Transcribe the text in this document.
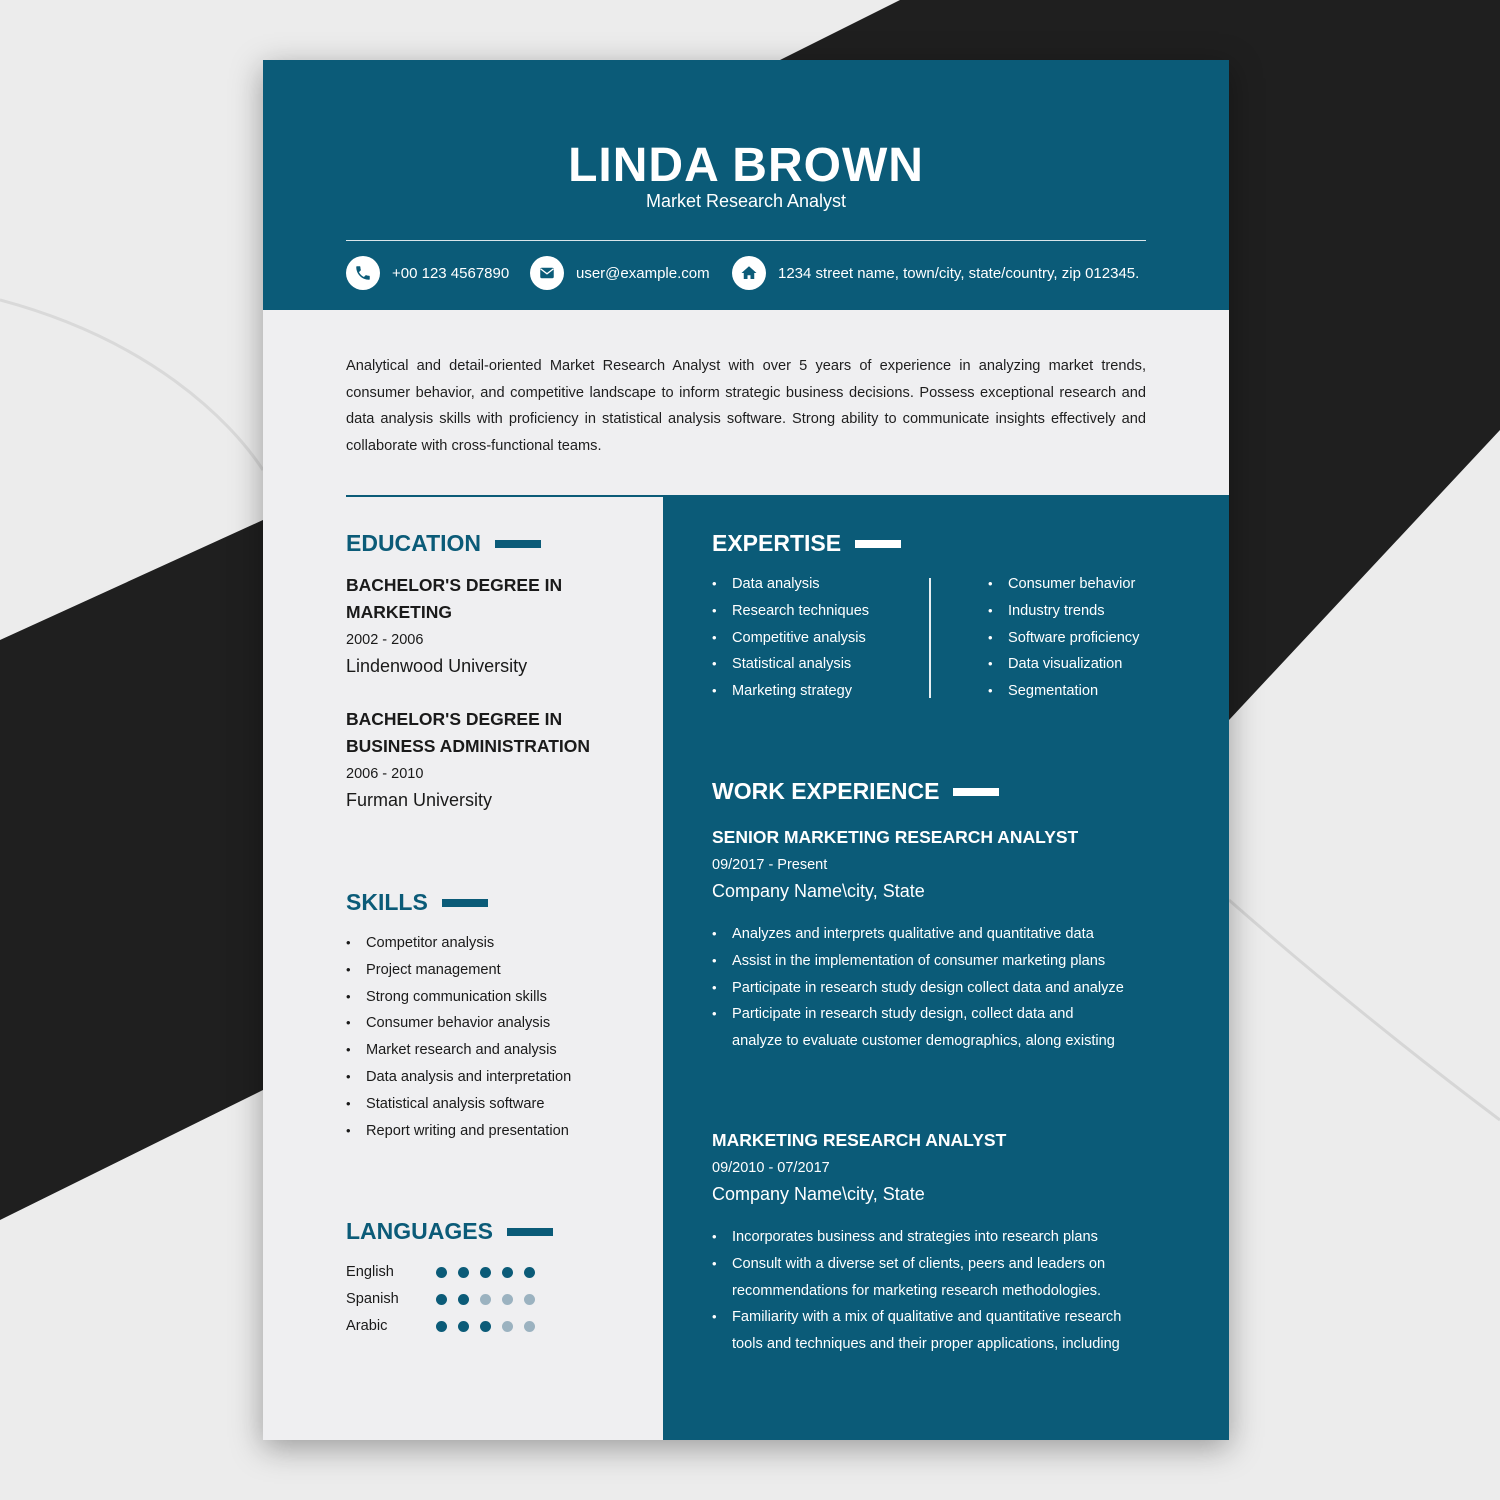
LINDA BROWN
Market Research Analyst
+00 123 4567890	user@example.com	1234 street name, town/city, state/country, zip 012345.

Analytical and detail-oriented Market Research Analyst with over 5 years of experience in analyzing market trends, consumer behavior, and competitive landscape to inform strategic business decisions. Possess exceptional research and data analysis skills with proficiency in statistical analysis software. Strong ability to communicate insights effectively and collaborate with cross-functional teams.

EDUCATION
BACHELOR'S DEGREE IN
MARKETING
2002 - 2006
Lindenwood University
BACHELOR'S DEGREE IN
BUSINESS ADMINISTRATION
2006 - 2010
Furman University
SKILLS
• Competitor analysis
• Project management
• Strong communication skills
• Consumer behavior analysis
• Market research and analysis
• Data analysis and interpretation
• Statistical analysis software
• Report writing and presentation
LANGUAGES
English
Spanish
Arabic
EXPERTISE
• Data analysis
• Research techniques
• Competitive analysis
• Statistical analysis
• Marketing strategy
• Consumer behavior
• Industry trends
• Software proficiency
• Data visualization
• Segmentation
WORK EXPERIENCE
SENIOR MARKETING RESEARCH ANALYST
09/2017 - Present
Company Name\city, State
• Analyzes and interprets qualitative and quantitative data
• Assist in the implementation of consumer marketing plans
• Participate in research study design collect data and analyze
• Participate in research study design, collect data and
analyze to evaluate customer demographics, along existing
MARKETING RESEARCH ANALYST
09/2010 - 07/2017
Company Name\city, State
• Incorporates business and strategies into research plans
• Consult with a diverse set of clients, peers and leaders on
recommendations for marketing research methodologies.
• Familiarity with a mix of qualitative and quantitative research
tools and techniques and their proper applications, including
